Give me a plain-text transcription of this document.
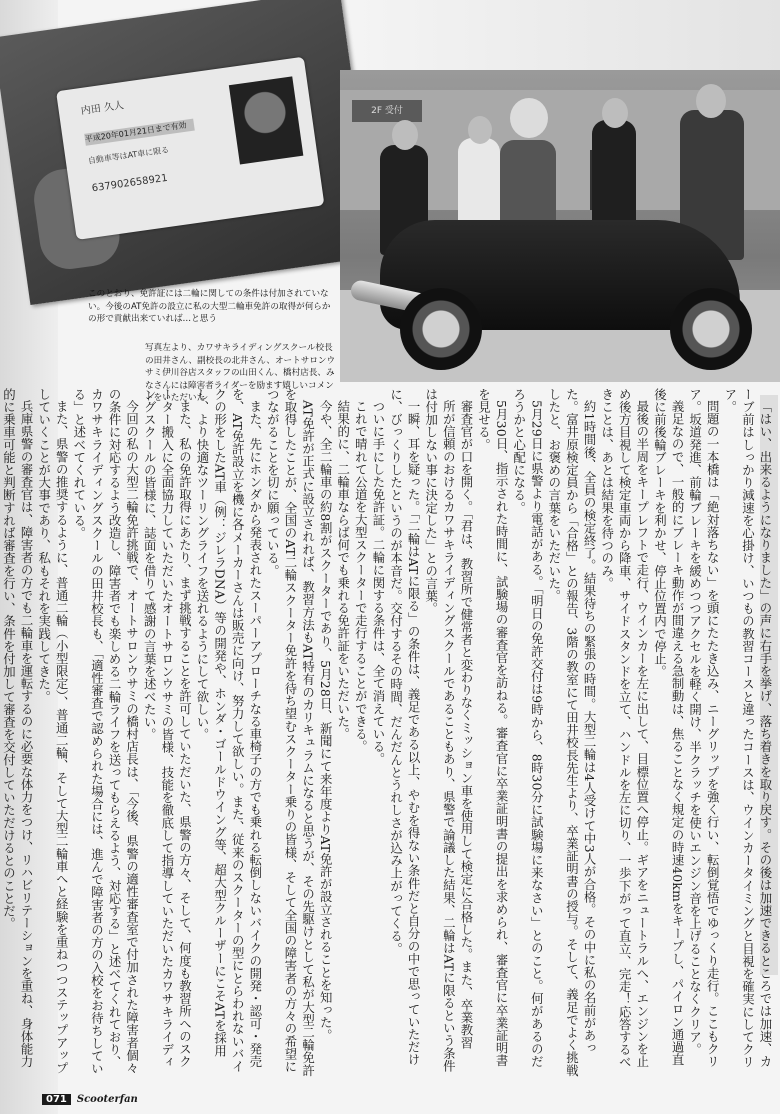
内田 久人
平成20年01月21日まで有効
自動車等はAT車に限る
637902658921
このとおり、免許証には二輪に関しての条件は付加されていない。今後のAT免許の設立に私の大型二輪車免許の取得が何らかの形で貢献出来ていれば…と思う
2F 受付
写真左より、カワサキライディングスクール校長の田井さん、副校長の北井さん、オートサロンウサミ伊川谷店スタッフの山田くん、橋村店長、みなさんには障害者ライダーを励ます嬉しいコメントをいただいた

「はい、出来るようになりました」の声に右手を挙げ、落ち着きを取り戻す。その後は加速できるところでは加速、カーブ前はしっかり減速を心掛け、いつもの教習コースと違ったコースは、ウインカータイミングと目視を確実にしてクリア。

問題の一本橋は「絶対落ちない」を頭にたたき込み、ニーグリップを強く行い、転倒覚悟でゆっくり走行。ここもクリア。坂道発進、前輪ブレーキを緩めつつアクセルを軽く開け、半クラッチを使いエンジン音を上げることなくクリア。

義足なので、一般的にブレーキ動作が間違える急制動は、焦ることなく規定の時速40kmをキープし、パイロン通過直後に前後輪ブレーキを利かせ、停止位置内で停止。

最後の半周をキープレフトで走行、ウインカーを左に出して、目標位置へ停止。ギアをニュートラルへ、エンジンを止め後方目視して検定車両から降車、サイドスタンドを立て、ハンドルを左に切り、一歩下がって直立、完走！応答するべきことは、あとは結果を待つのみ。

約1時間後、全員の検定終了。結果待ちの緊張の時間。大型二輪は4人受けて中3人が合格。その中に私の名前があった。富井原検定員から「合格」との報告、3階の教室にて田井校長先生より、卒業証明書の授与。そして、義足でよく挑戦したと、お褒めの言葉をいただいた。

5月29日に県警より電話がある。「明日の免許交付は9時から、8時30分に試験場に来なさい」とのこと。何があるのだろうかと心配になる。

5月30日、指示された時間に、試験場の審査官を訪ねる。審査官に卒業証明書の提出を求められ、審査官に卒業証明書を見せる。

審査官が口を開く。「君は、教習所で健常者と変わりなくミッション車を使用して検定に合格した。また、卒業教習

所が信頼のおけるカワサキライディングスクールであることもあり、県警で論議した結果、二輪はATに限るという条件は付加しない事に決定した」との言葉。

一瞬、耳を疑った。「二輪はATに限る」の条件は、義足である以上、やむを得ない条件だと自分の中で思っていただけに、びっくりしたというのが本音だ。交付するその時間、だんだんとうれしさが込み上がってくる。

ついに手にした免許証。二輪に関する条件は、全て消えている。

これで晴れて公道を大型スクーターで走行することができる。

結果的に、二輪車ならば何でも乗れる免許証をいただいた。

今や、全二輪車の約8割がスクーターであり、5月28日、新聞にて来年度よりAT免許が設立されることを知った。

AT免許が正式に設立されれば、教習方法もAT特有のカリキュラムになると思うが、その先駆けとして私が大型二輪免許を取得したことが、全国のAT二輪スクーター免許を待ち望むスクーター乗りの皆様、そして全国の障害者の方々の希望につながることを切に願っている。

また、先にホンダから発表されたスーパーアプローチなる車椅子の方でも乗れる転倒しないバイクの開発・認可・発売を、AT免許設立を機に各メーカーさんは販売に向け、努力して欲しい。また、従来のスクーターの型にとらわれないバイクの形をしたAT車（例：ジレラDNA）等の開発や、ホンダ・ゴールドウイング等、超大型クルーザーにこそATを採用し、より快適なツーリングライフを送れるようにして欲しい。

また、私の免許取得にあたり、まず挑戦することを許可していただいた、県警の方々、そして、何度も教習所へのスクーター搬入に全面協力していただいたオートサロンウサミの皆様、技能を徹底して指導していただいたカワサキライディングスクールの皆様に、誌面を借りて感謝の言葉を述べたい。

今回の私の大型二輪免許挑戦で、オートサロンウサミの橋村店長は、「今後、県警の適性審査室で付加された障害者個々の条件に対応するよう改造し、障害者でも楽しめる二輪ライフを送ってもらえるよう、対応する」と述べてくれており、カワサキライディングスクールの田井校長も、「適性審査で認められた場合には、進んで障害者の方の入校をお待ちしている」と述べてくれている。

また、県警の推奨するように、普通二輪（小型限定）、普通二輪、そして大型二輪車へと経験を重ねつつステップアップしていくことが大事であり、私もそれを実践してきた。

兵庫県警の審査官は、障害者の方でも二輪車を運転するのに必要な体力をつけ、リハビリテーションを重ね、身体能力的に乗車可能と判断すれば審査を行い、条件を付加して審査を交付していただけるとのことだ。

071	Scooterfan
